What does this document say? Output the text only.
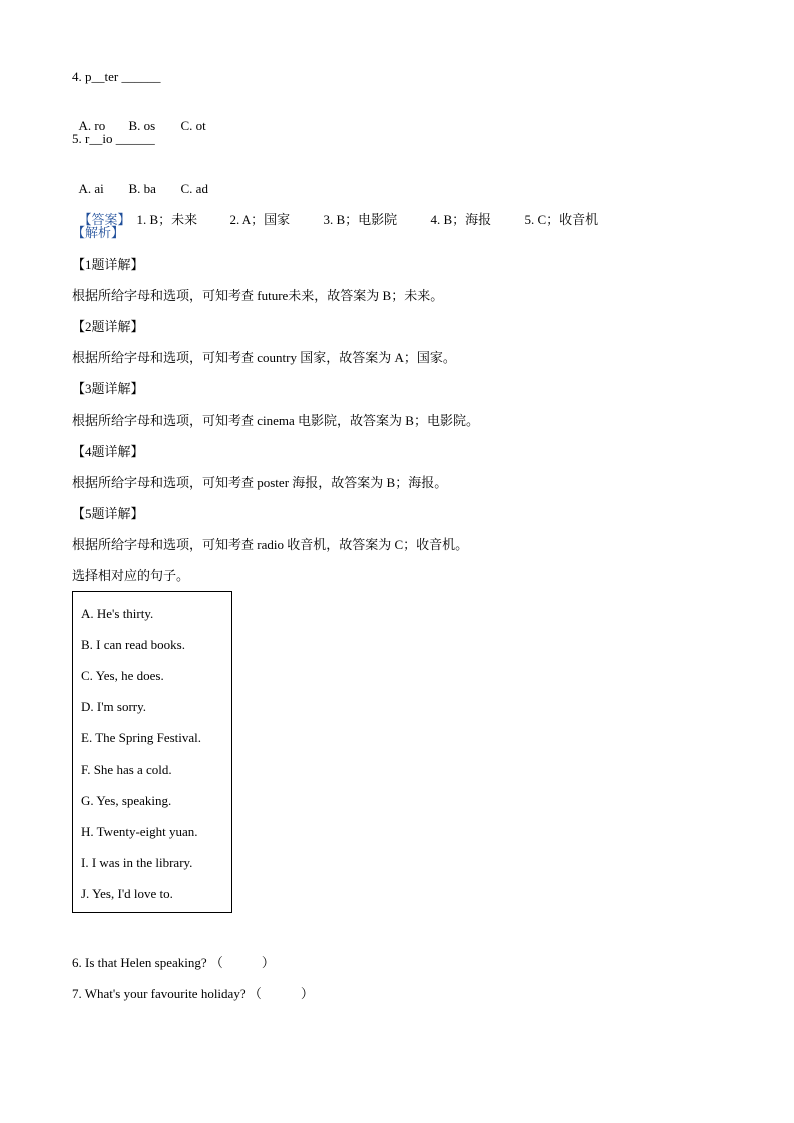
4. p__ter ______

A. ro B. os C. ot

5. r__io ______

A. ai B. ba C. ad

【答案】 1. B；未来 2. A；国家	3. B；电影院	4. B；海报	5. C；收音机

【解析】
【1题详解】
根据所给字母和选项，可知考查 future未来，故答案为 B；未来。
【2题详解】
根据所给字母和选项，可知考查 country 国家，故答案为 A；国家。
【3题详解】
根据所给字母和选项，可知考查 cinema 电影院，故答案为 B；电影院。
【4题详解】
根据所给字母和选项，可知考查 poster 海报，故答案为 B；海报。
【5题详解】
根据所给字母和选项，可知考查 radio 收音机，故答案为 C；收音机。
选择相对应的句子。
A. He's thirty.
B. I can read books.
C. Yes, he does.
D. I'm sorry.
E. The Spring Festival.
F. She has a cold.
G. Yes, speaking.
H. Twenty-eight yuan.
I. I was in the library.
J. Yes, I'd love to.
6. Is that Helen speaking? （            ）
7. What's your favourite holiday? （            ）
